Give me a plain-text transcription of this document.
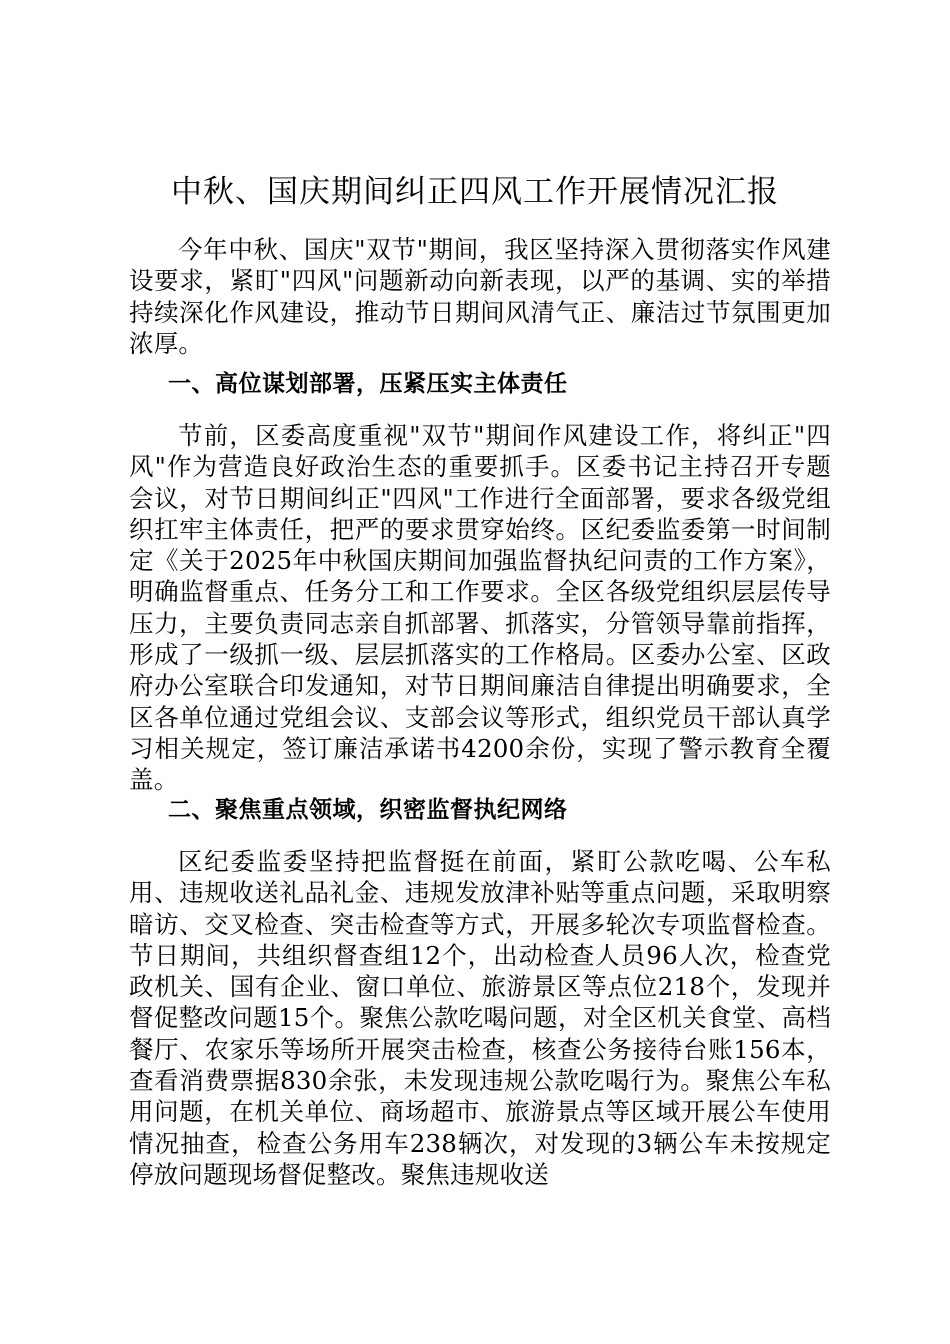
中秋、国庆期间纠正四风工作开展情况汇报

今年中秋、国庆"双节"期间，我区坚持深入贯彻落实作风建设要求，紧盯"四风"问题新动向新表现，以严的基调、实的举措持续深化作风建设，推动节日期间风清气正、廉洁过节氛围更加浓厚。

一、高位谋划部署，压紧压实主体责任

节前，区委高度重视"双节"期间作风建设工作，将纠正"四风"作为营造良好政治生态的重要抓手。区委书记主持召开专题会议，对节日期间纠正"四风"工作进行全面部署，要求各级党组织扛牢主体责任，把严的要求贯穿始终。区纪委监委第一时间制定《关于2025年中秋国庆期间加强监督执纪问责的工作方案》，明确监督重点、任务分工和工作要求。全区各级党组织层层传导压力，主要负责同志亲自抓部署、抓落实，分管领导靠前指挥，形成了一级抓一级、层层抓落实的工作格局。区委办公室、区政府办公室联合印发通知，对节日期间廉洁自律提出明确要求，全区各单位通过党组会议、支部会议等形式，组织党员干部认真学习相关规定，签订廉洁承诺书4200余份，实现了警示教育全覆盖。

二、聚焦重点领域，织密监督执纪网络

区纪委监委坚持把监督挺在前面，紧盯公款吃喝、公车私用、违规收送礼品礼金、违规发放津补贴等重点问题，采取明察暗访、交叉检查、突击检查等方式，开展多轮次专项监督检查。节日期间，共组织督查组12个，出动检查人员96人次，检查党政机关、国有企业、窗口单位、旅游景区等点位218个，发现并督促整改问题15个。聚焦公款吃喝问题，对全区机关食堂、高档餐厅、农家乐等场所开展突击检查，核查公务接待台账156本，查看消费票据830余张，未发现违规公款吃喝行为。聚焦公车私用问题，在机关单位、商场超市、旅游景点等区域开展公车使用情况抽查，检查公务用车238辆次，对发现的3辆公车未按规定停放问题现场督促整改。聚焦违规收送
